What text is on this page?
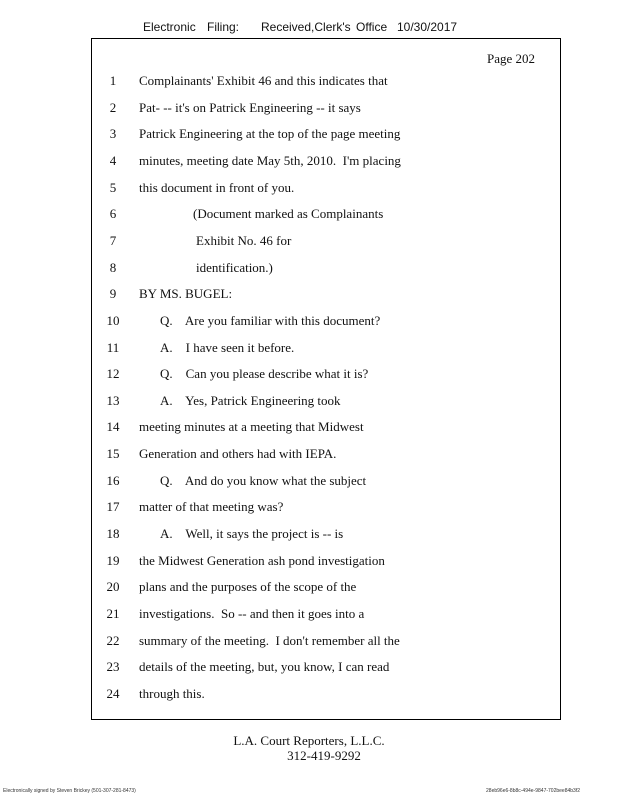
Electronic

Filing:

Received,Clerk's

Office

10/30/2017

Page 202
1	Complainants' Exhibit 46 and this indicates that
2	Pat- -- it's on Patrick Engineering -- it says
3	Patrick Engineering at the top of the page meeting
4	minutes, meeting date May 5th, 2010.  I'm placing
5	this document in front of you.
6	(Document marked as Complainants
7	Exhibit No. 46 for
8	identification.)
9	BY MS. BUGEL:
10	Q.    Are you familiar with this document?
11	A.    I have seen it before.
12	Q.    Can you please describe what it is?
13	A.    Yes, Patrick Engineering took
14	meeting minutes at a meeting that Midwest
15	Generation and others had with IEPA.
16	Q.    And do you know what the subject
17	matter of that meeting was?
18	A.    Well, it says the project is -- is
19	the Midwest Generation ash pond investigation
20	plans and the purposes of the scope of the
21	investigations.  So -- and then it goes into a
22	summary of the meeting.  I don't remember all the
23	details of the meeting, but, you know, I can read
24	through this.
L.A. Court Reporters, L.L.C.
312-419-9292
Electronically signed by Steven Brickey (501-307-281-8473)	28eb96e6-8b8c-494e-9847-702bee84b3f2
